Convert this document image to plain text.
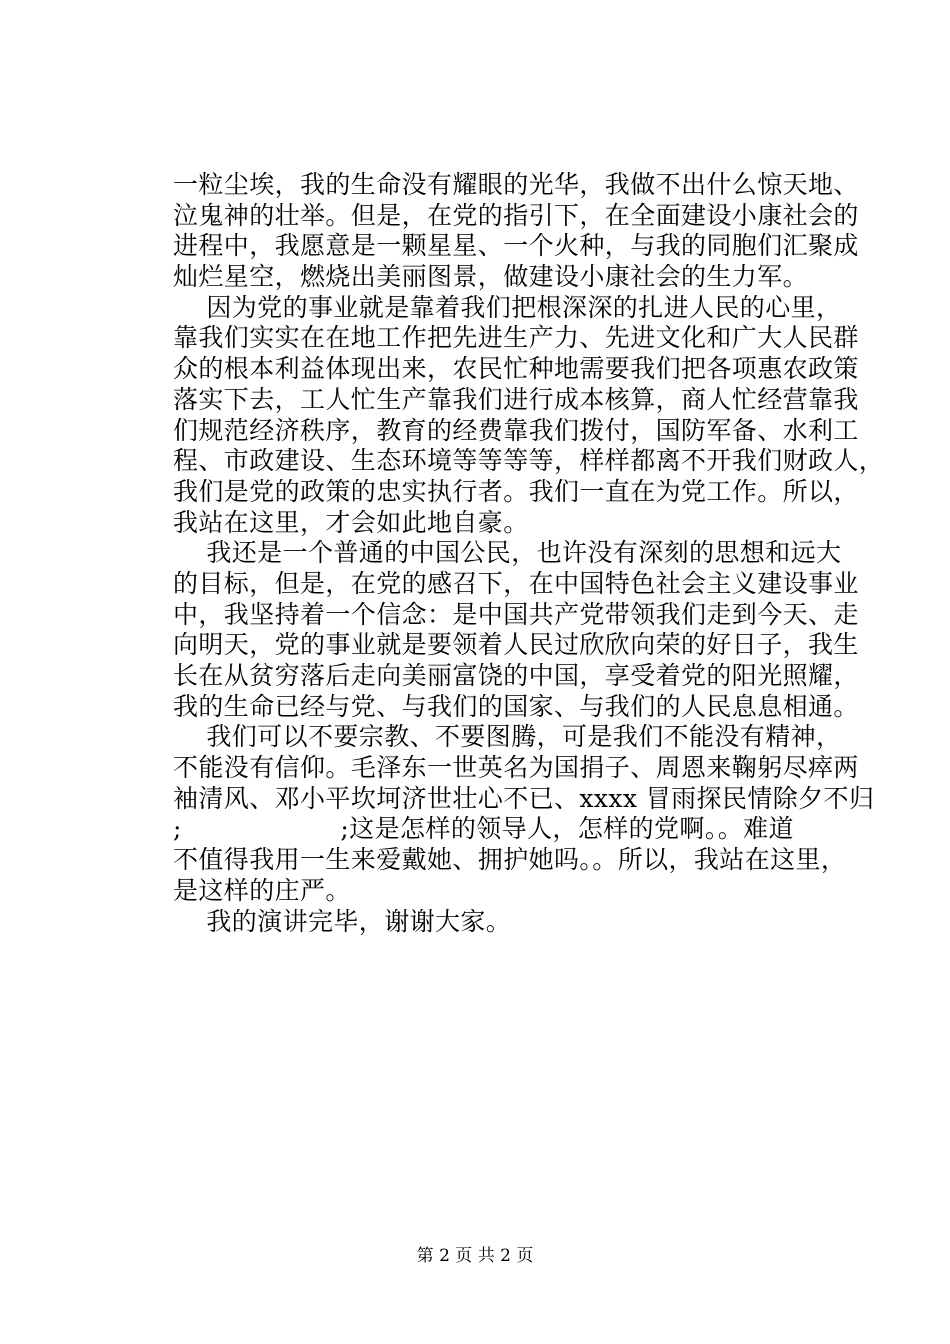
一粒尘埃，我的生命没有耀眼的光华，我做不出什么惊天地、
泣鬼神的壮举。但是，在党的指引下，在全面建设小康社会的
进程中，我愿意是一颗星星、一个火种，与我的同胞们汇聚成
灿烂星空，燃烧出美丽图景，做建设小康社会的生力军。
因为党的事业就是靠着我们把根深深的扎进人民的心里，
靠我们实实在在地工作把先进生产力、先进文化和广大人民群
众的根本利益体现出来，农民忙种地需要我们把各项惠农政策
落实下去，工人忙生产靠我们进行成本核算，商人忙经营靠我
们规范经济秩序，教育的经费靠我们拨付，国防军备、水利工
程、市政建设、生态环境等等等等，样样都离不开我们财政人，
我们是党的政策的忠实执行者。我们一直在为党工作。所以，
我站在这里，才会如此地自豪。
我还是一个普通的中国公民，也许没有深刻的思想和远大
的目标，但是，在党的感召下，在中国特色社会主义建设事业
中，我坚持着一个信念：是中国共产党带领我们走到今天、走
向明天，党的事业就是要领着人民过欣欣向荣的好日子，我生
长在从贫穷落后走向美丽富饶的中国，享受着党的阳光照耀，
我的生命已经与党、与我们的国家、与我们的人民息息相通。
我们可以不要宗教、不要图腾，可是我们不能没有精神，
不能没有信仰。毛泽东一世英名为国捐子、周恩来鞠躬尽瘁两
袖清风、邓小平坎坷济世壮心不已、xxxx 冒雨探民情除夕不归
;                   ;这是怎样的领导人，怎样的党啊。。难道
不值得我用一生来爱戴她、拥护她吗。。所以，我站在这里，
是这样的庄严。
我的演讲完毕，谢谢大家。
第 2 页 共 2 页
